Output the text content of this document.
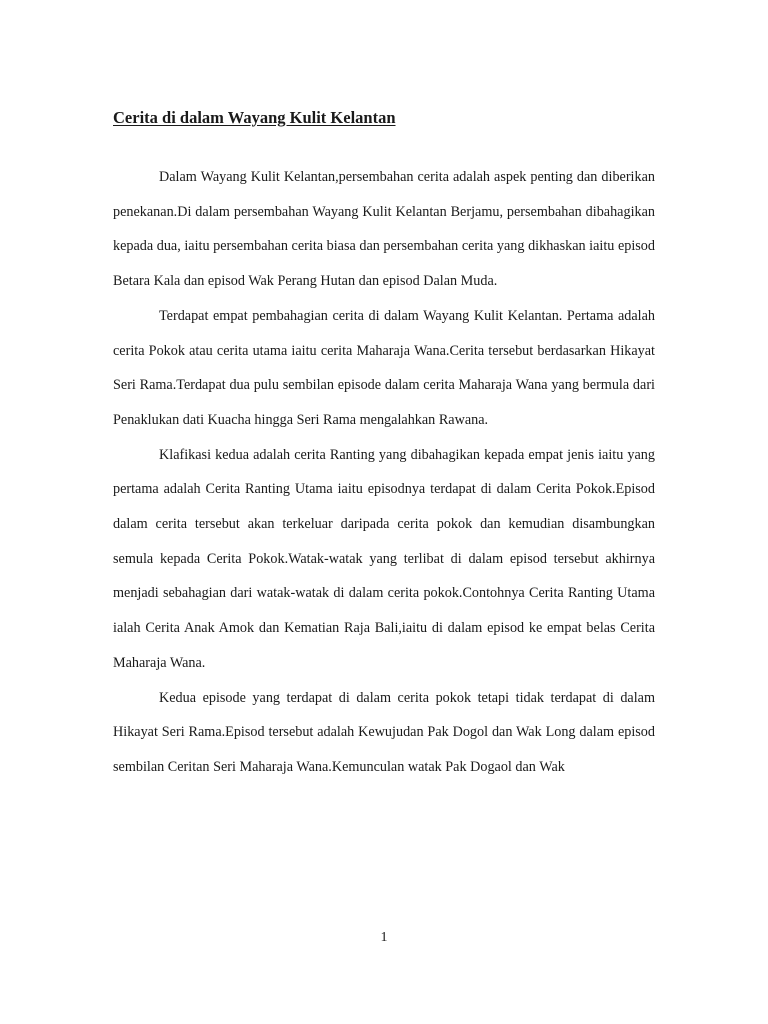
Cerita di dalam Wayang Kulit Kelantan

Dalam Wayang Kulit Kelantan,persembahan cerita adalah aspek penting dan diberikan penekanan.Di dalam persembahan Wayang Kulit Kelantan Berjamu, persembahan dibahagikan kepada dua, iaitu persembahan cerita biasa dan persembahan cerita yang dikhaskan iaitu episod Betara Kala dan episod Wak Perang Hutan dan episod Dalan Muda.

Terdapat empat pembahagian cerita di dalam Wayang Kulit Kelantan. Pertama adalah cerita Pokok atau cerita utama iaitu cerita Maharaja Wana.Cerita tersebut berdasarkan Hikayat Seri Rama.Terdapat dua pulu sembilan episode dalam cerita Maharaja Wana yang bermula dari Penaklukan dati Kuacha hingga Seri Rama mengalahkan Rawana.

Klafikasi kedua adalah cerita Ranting yang dibahagikan kepada empat jenis iaitu yang pertama adalah Cerita Ranting Utama iaitu episodnya terdapat di dalam Cerita Pokok.Episod dalam cerita tersebut akan terkeluar daripada cerita pokok dan kemudian disambungkan semula kepada Cerita Pokok.Watak-watak yang terlibat di dalam episod tersebut akhirnya menjadi sebahagian dari watak-watak di dalam cerita pokok.Contohnya Cerita Ranting Utama ialah Cerita Anak Amok dan Kematian Raja Bali,iaitu di dalam episod ke empat belas Cerita Maharaja Wana.

Kedua episode yang terdapat di dalam cerita pokok tetapi tidak terdapat di dalam Hikayat Seri Rama.Episod tersebut adalah Kewujudan Pak Dogol dan Wak Long dalam episod sembilan Ceritan Seri Maharaja Wana.Kemunculan watak Pak Dogaol dan Wak

1
